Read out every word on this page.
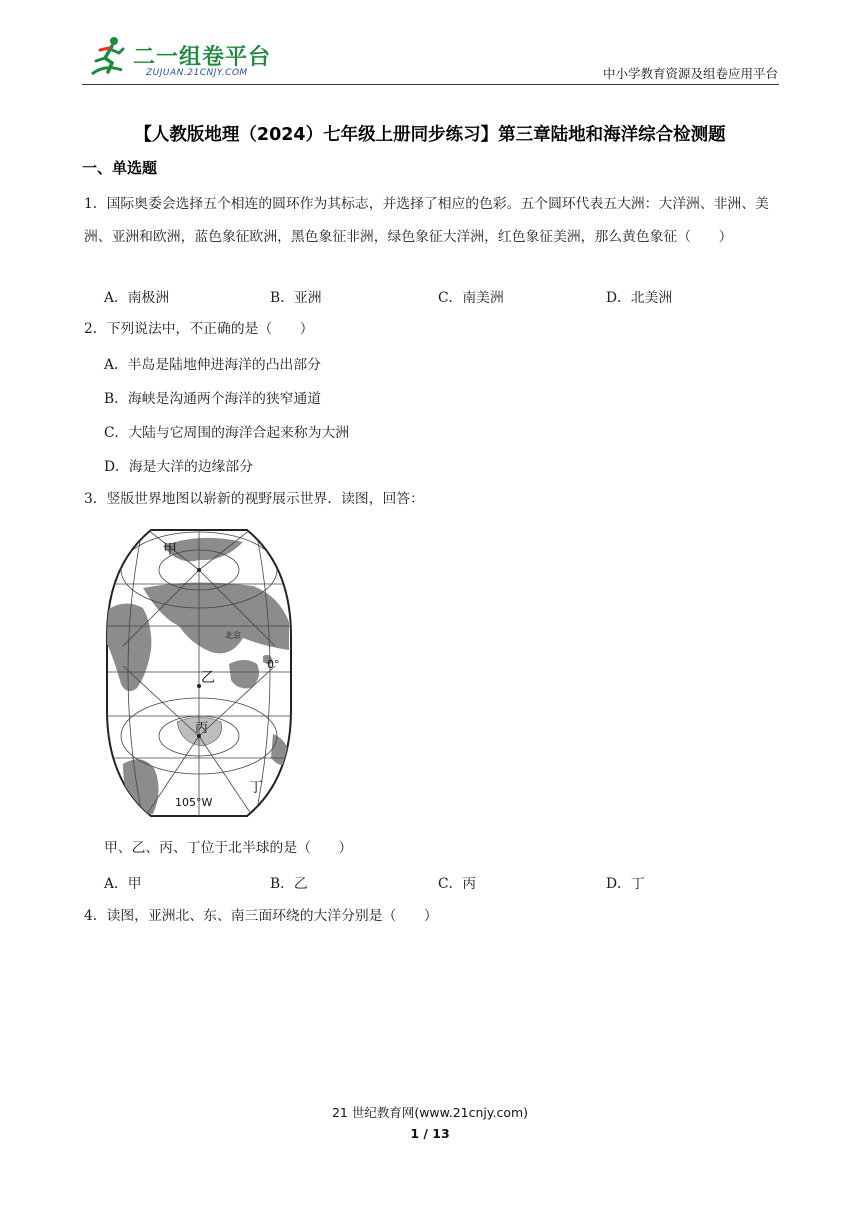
二一组卷平台
ZUJUAN.21CNJY.COM	中小学教育资源及组卷应用平台
【人教版地理（2024）七年级上册同步练习】第三章陆地和海洋综合检测题
一、单选题
1．国际奥委会选择五个相连的圆环作为其标志，并选择了相应的色彩。五个圆环代表五大洲：大洋洲、非洲、美洲、亚洲和欧洲，蓝色象征欧洲，黑色象征非洲，绿色象征大洋洲，红色象征美洲，那么黄色象征（　　）
A．南极洲	B．亚洲	C．南美洲	D．北美洲
2．下列说法中，不正确的是（　　）
A．半岛是陆地伸进海洋的凸出部分
B．海峡是沟通两个海洋的狭窄通道
C．大陆与它周围的海洋合起来称为大洲
D．海是大洋的边缘部分
3．竖版世界地图以崭新的视野展示世界．读图，回答：
甲
北京
0°
乙
丙
丁
105°W
甲、乙、丙、丁位于北半球的是（　　）
A．甲	B．乙	C．丙	D．丁
4．读图，亚洲北、东、南三面环绕的大洋分别是（　　）
21 世纪教育网(www.21cnjy.com)
1 / 13
